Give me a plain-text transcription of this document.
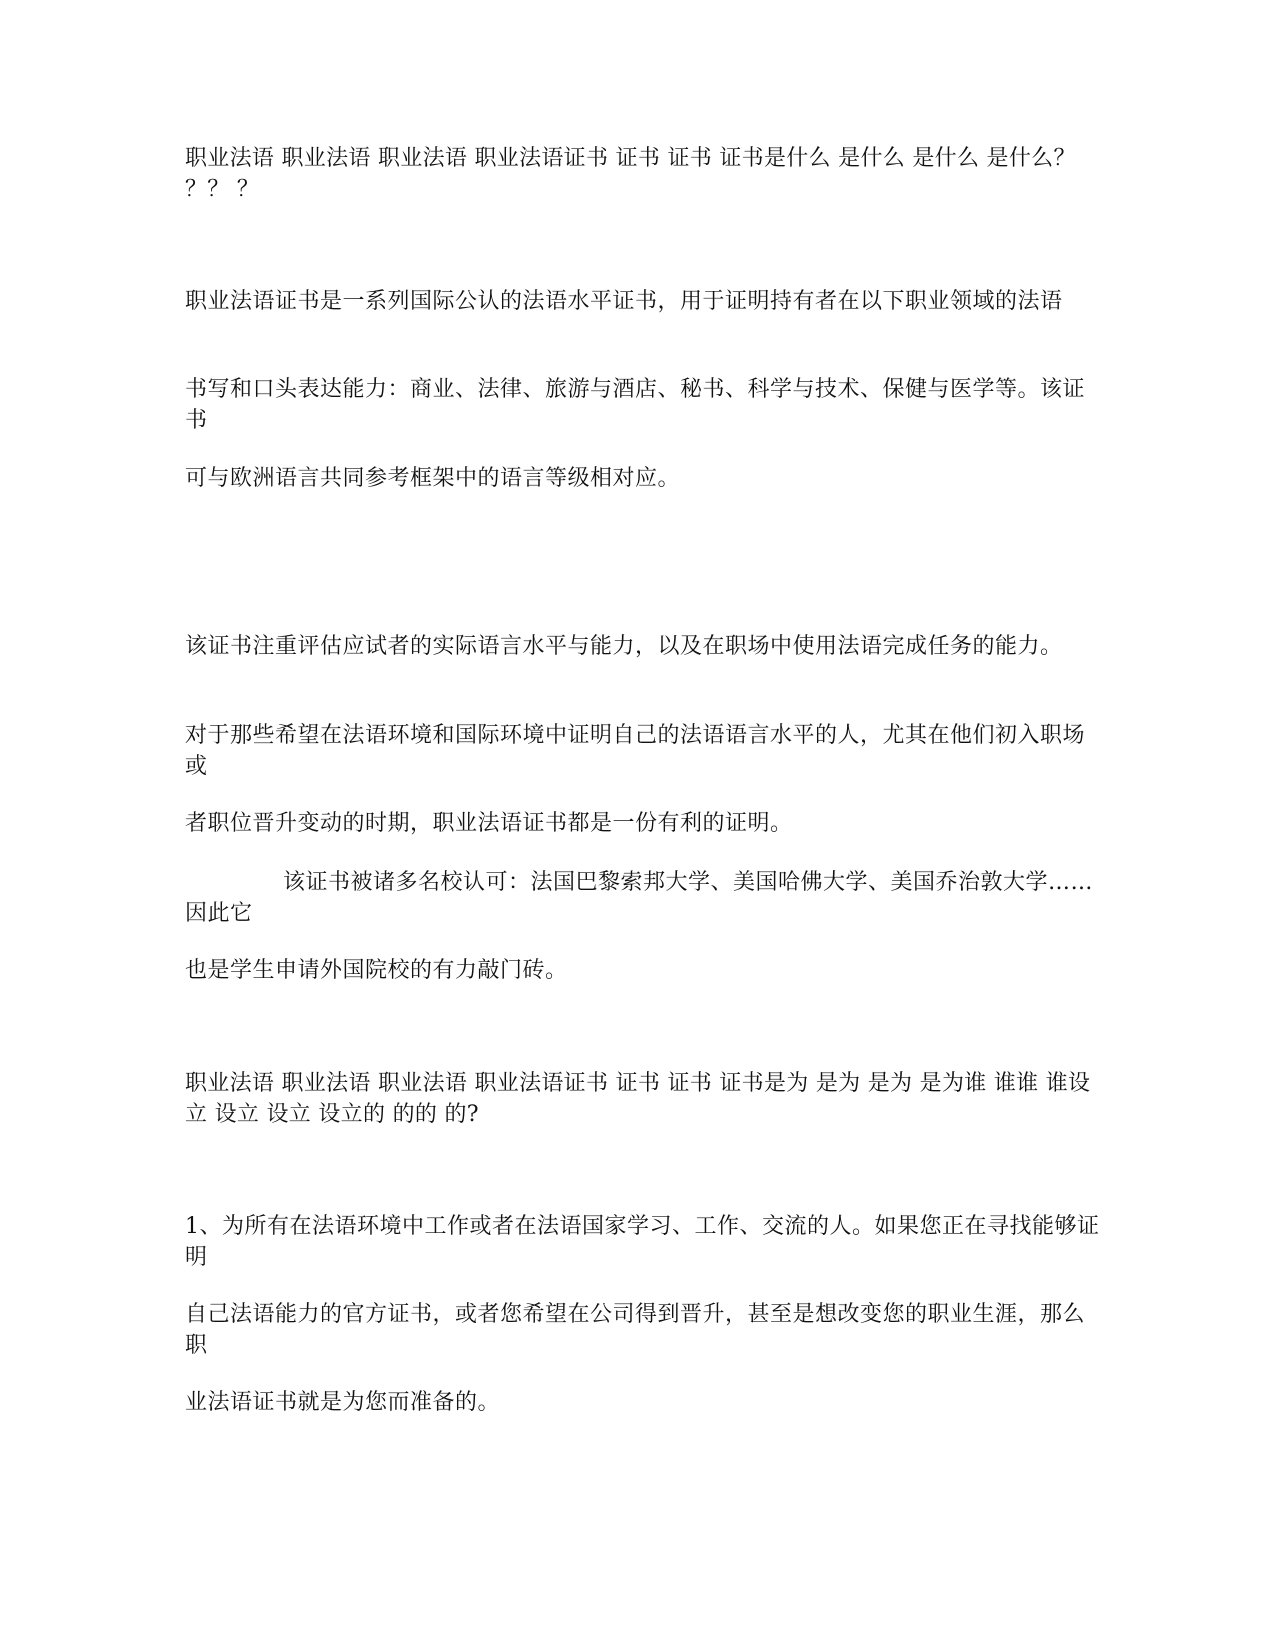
职业法语 职业法语 职业法语 职业法语证书 证书 证书 证书是什么 是什么 是什么 是什么？ ？？ ？

职业法语证书是一系列国际公认的法语水平证书，用于证明持有者在以下职业领域的法语

书写和口头表达能力：商业、法律、旅游与酒店、秘书、科学与技术、保健与医学等。该证书

可与欧洲语言共同参考框架中的语言等级相对应。

该证书注重评估应试者的实际语言水平与能力，以及在职场中使用法语完成任务的能力。

对于那些希望在法语环境和国际环境中证明自己的法语语言水平的人，尤其在他们初入职场或

者职位晋升变动的时期，职业法语证书都是一份有利的证明。

该证书被诸多名校认可：法国巴黎索邦大学、美国哈佛大学、美国乔治敦大学……因此它

也是学生申请外国院校的有力敲门砖。

职业法语 职业法语 职业法语 职业法语证书 证书 证书 证书是为 是为 是为 是为谁 谁谁 谁设立 设立 设立 设立的 的的 的?

1、为所有在法语环境中工作或者在法语国家学习、工作、交流的人。如果您正在寻找能够证明

自己法语能力的官方证书，或者您希望在公司得到晋升，甚至是想改变您的职业生涯，那么职

业法语证书就是为您而准备的。
